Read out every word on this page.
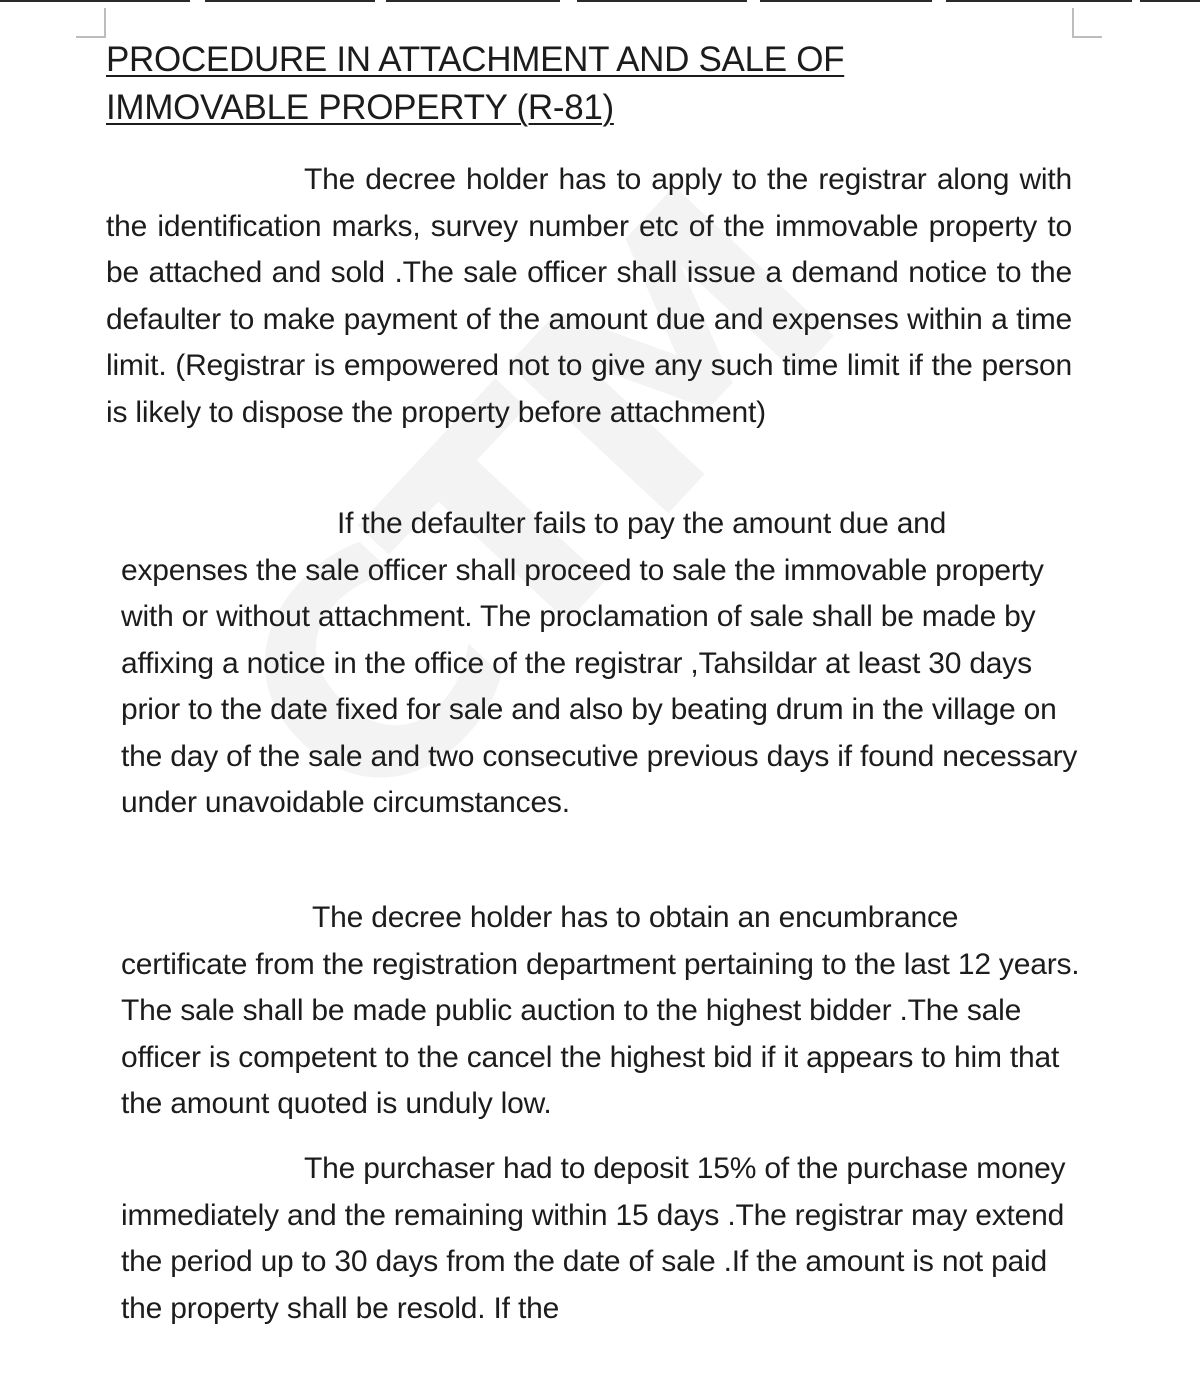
PROCEDURE IN ATTACHMENT AND SALE OF
IMMOVABLE PROPERTY (R-81)

The decree holder has to apply to the registrar along with the identification marks, survey number etc of the immovable property to be attached and sold .The sale officer shall issue a demand notice to the defaulter to make payment of the amount due and expenses within a time limit. (Registrar is empowered not to give any such time limit if the person is likely to dispose the property before attachment)

If the defaulter fails to pay the amount due and expenses the sale officer shall proceed to sale the immovable property with or without attachment. The proclamation of sale shall be made by affixing a notice in the office of the registrar ,Tahsildar at least 30 days prior to the date fixed for sale and also by beating drum in the village on the day of the sale and two consecutive previous days if found necessary under unavoidable circumstances.

The decree holder has to obtain an encumbrance certificate from the registration department pertaining to the last 12 years. The sale shall be made public auction to the highest bidder .The sale officer is competent to the cancel the highest bid if it appears to him that the amount quoted is unduly low.

The purchaser had to deposit 15% of the purchase money immediately and the remaining within 15 days .The registrar may extend the period up to 30 days from the date of sale .If the amount is not paid the property shall be resold. If the
